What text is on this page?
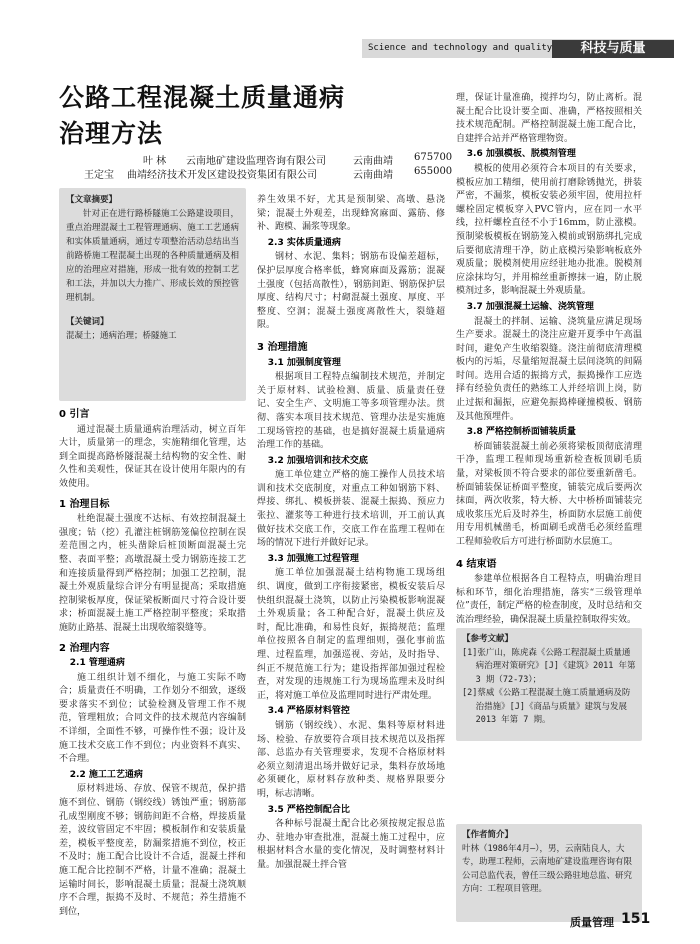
Science and technology and quality	科技与质量
公路工程混凝土质量通病
治理方法
叶 林 云南地矿建设监理咨询有限公司	云南曲靖 675700
王定宝 曲靖经济技术开发区建设投资集团有限公司	云南曲靖 655000
【文章摘要】
针对正在进行路桥隧施工公路建设项目，重点治理混凝土工程管理通病、施工工艺通病和实体质量通病，通过专项整治活动总结出当前路桥施工程混凝土出现的各种质量通病及相应的治理应对措施，形成一批有效的控制工艺和工法，并加以大力推广、形成长效的预控管理机制。
【关键词】
混凝土；通病治理；桥隧施工
0 引言

通过混凝土质量通病治理活动，树立百年大计，质量第一的理念，实施精细化管理，达到全面提高路桥隧混凝土结构物的安全性、耐久性和美观性，保证其在设计使用年限内的有效使用。

1 治理目标

杜绝混凝土强度不达标、有效控制混凝土强度；钻（挖）孔灌注桩钢筋笼偏位控制在误差范围之内，桩头凿除后桩顶断面混凝土完整、表面平整；高墩混凝土受力钢筋连接工艺和连接质量得到严格控制；加强工艺控制，混凝土外观质量综合评分有明显提高；采取措施控制梁板厚度，保证梁板断面尺寸符合设计要求；桥面混凝土施工严格控制平整度；采取措施防止路基、混凝土出现收缩裂缝等。

2 治理内容
2.1 管理通病

施工组织计划不细化，与施工实际不吻合；质量责任不明确，工作划分不细致，逐级要求落实不到位；试验检测及管理工作不规范，管理粗放；合同文件的技术规范内容编制不详细，全面性不够，可操作性不强；设计及施工技术交底工作不到位；内业资料不真实、不合理。

2.2 施工工艺通病

原材料进场、存放、保管不规范，保护措施不到位、钢筋（钢绞线）锈蚀严重；钢筋部孔成型刚度不够；钢筋间距不合格，焊接质量差，波纹管固定不牢固；模板制作和安装质量差，模板平整度差，防漏浆措施不到位，校正不及时；施工配合比设计不合适，混凝土拌和施工配合比控制不严格，计量不准确；混凝土运输时间长，影响混凝土质量；混凝土浇筑顺序不合理，振捣不及时、不规范；养生措施不到位，

养生效果不好，尤其是预制梁、高墩、悬浇梁；混凝土外观差，出现蜂窝麻面、露筋、修补、跑模、漏浆等现象。

2.3 实体质量通病

钢材、水泥、集料；钢筋布设偏差超标，保护层厚度合格率低，蜂窝麻面及露筋；混凝土强度（包括高散性），钢筋间距、钢筋保护层厚度、结构尺寸；村砌混凝土强度、厚度、平整度、空洞；混凝土强度离散性大，裂缝超限。

3 治理措施
3.1 加强制度管理

根据项目工程特点编制技术规范，并制定关于原材料、试验检测、质量、质量责任登记、安全生产、文明施工等多项管理办法。贯彻、落实本项目技术规范、管理办法是实施施工现场管控的基础，也是搞好混凝土质量通病治理工作的基础。

3.2 加强培训和技术交底

施工单位建立严格的施工操作人员技术培训和技术交底制度，对重点工种如钢筋下料、焊接、绑扎、模板拼装、混凝土振捣、预应力张拉、灌浆等工种进行技术培训，开工前认真做好技术交底工作，交底工作在监理工程师在场的情况下进行并做好记录。

3.3 加强施工过程管理

施工单位加强混凝土结构物施工现场组织、调度，做到工序衔接紧密，模板安装后尽快组织混凝土浇筑，以防止污染模板影响混凝土外观质量；各工种配合好，混凝土供应及时，配比准确，和易性良好，振捣规范；监理单位按照各自制定的监理细则，强化事前监理、过程监理，加强巡视、旁站，及时指导、纠正不规范施工行为；建设指挥部加强过程检查，对发现的违规施工行为现场监理未及时纠正，将对施工单位及监理同时进行严肃处理。

3.4 严格原材料管控

钢筋（钢绞线）、水泥、集料等原材料进场、检验、存放要符合项目技术规范以及指挥部、总监办有关管理要求，发现不合格原材料必须立刻清退出场并做好记录，集料存放场地必须硬化，原材料存放种类、规格界限要分明，标志清晰。

3.5 严格控制配合比

各种标号混凝土配合比必须按规定报总监办、驻地办审查批准，混凝土施工过程中，应根据材料含水量的变化情况，及时调整材料计量。加强混凝土拌合管

理，保证计量准确，搅拌均匀，防止离析。混凝土配合比设计要全面、准确，严格按照相关技术规范配制。严格控制混凝土施工配合比，自建拌合站并严格管理物资。

3.6 加强模板、脱模剂管理

模板的使用必须符合本项目的有关要求，模板应加工精细，使用前打磨除锈抛光，拼装严密，不漏浆，模板安装必须牢固，使用拉杆螺栓固定模板穿入PVC管内，应在同一水平线，拉杆螺栓直径不小于16mm，防止涨模。预制梁板模板在钢筋笼入模前或钢筋绑扎完成后要彻底清理干净，防止底模污染影响板底外观质量；脱模剂使用应经驻地办批准。脱模剂应涂抹均匀，并用棉丝重新擦抹一遍，防止脱模剂过多，影响混凝土外观质量。

3.7 加强混凝土运输、浇筑管理

混凝土的拌制、运输、浇筑量应满足现场生产要求。混凝土的浇注应避开夏季中午高温时间，避免产生收缩裂缝。浇注前彻底清理模板内的污垢，尽量缩短混凝土层间浇筑的间隔时间。选用合适的振捣方式，振捣操作工应选择有经验负责任的熟练工人并经培训上岗，防止过振和漏振，应避免振捣棒碰撞模板、钢筋及其他预埋件。

3.8 严格控制桥面铺装质量

桥面铺装混凝土前必须将梁板顶彻底清理干净，监理工程师现场重新检查板顶刷毛质量，对梁板顶不符合要求的部位要重新凿毛。桥面铺装保证桥面平整度，铺装完成后要两次抹面，两次收浆，特大桥、大中桥桥面铺装完成收浆压光后及时养生，桥面防水层施工前使用专用机械凿毛，桥面刷毛或凿毛必须经监理工程师验收后方可进行桥面防水层施工。

4 结束语

参建单位根据各自工程特点，明确治理目标和环节，细化治理措施，落实“三级管理单位”责任，制定严格的检查制度，及时总结和交流治理经验，确保混凝土质量控制取得实效。

【参考文献】
[1]张广山，陈虎森《公路工程混凝土质量通病治理对策研究》[J]《建筑》2011 年第 3 期（72-73）；
[2]蔡威《公路工程混凝土施工质量通病及防治措施》[J]《商品与质量》建筑与发展 2013 年第 7 期。
【作者简介】
叶林（1986年4月—），男，云南陆良人，大专，助理工程师，云南地矿建设监理咨询有限公司总监代表，曾任三级公路驻地总监、研究方向：工程项目管理。
质量管理 151
